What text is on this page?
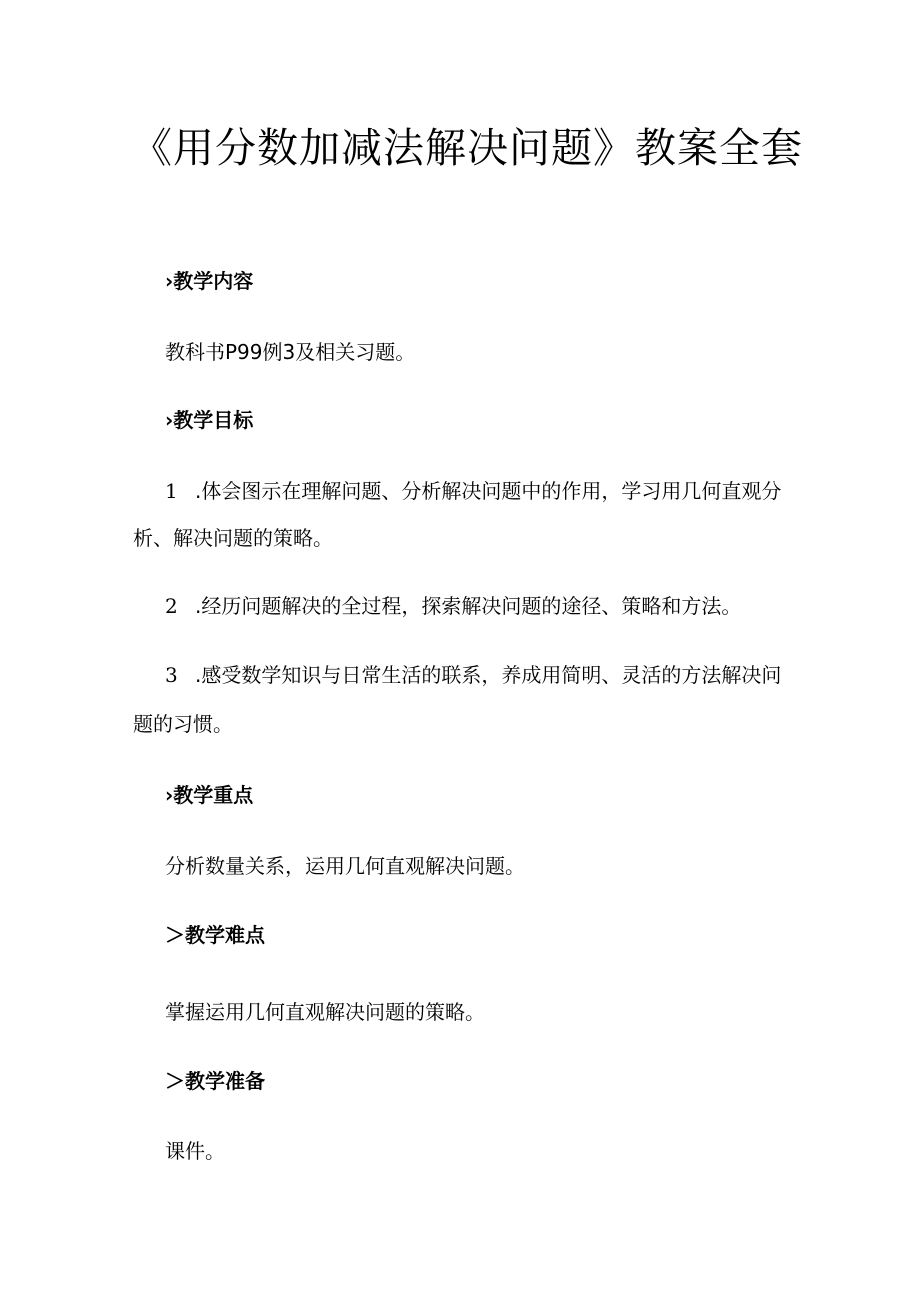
《用分数加减法解决问题》教案全套
›教学内容

教科书P99例3及相关习题。

›教学目标

1 .体会图示在理解问题、分析解决问题中的作用，学习用几何直观分

析、解决问题的策略。

2 .经历问题解决的全过程，探索解决问题的途径、策略和方法。

3 .感受数学知识与日常生活的联系，养成用简明、灵活的方法解决问

题的习惯。

›教学重点

分析数量关系，运用几何直观解决问题。

＞教学难点

掌握运用几何直观解决问题的策略。

＞教学准备

课件。
